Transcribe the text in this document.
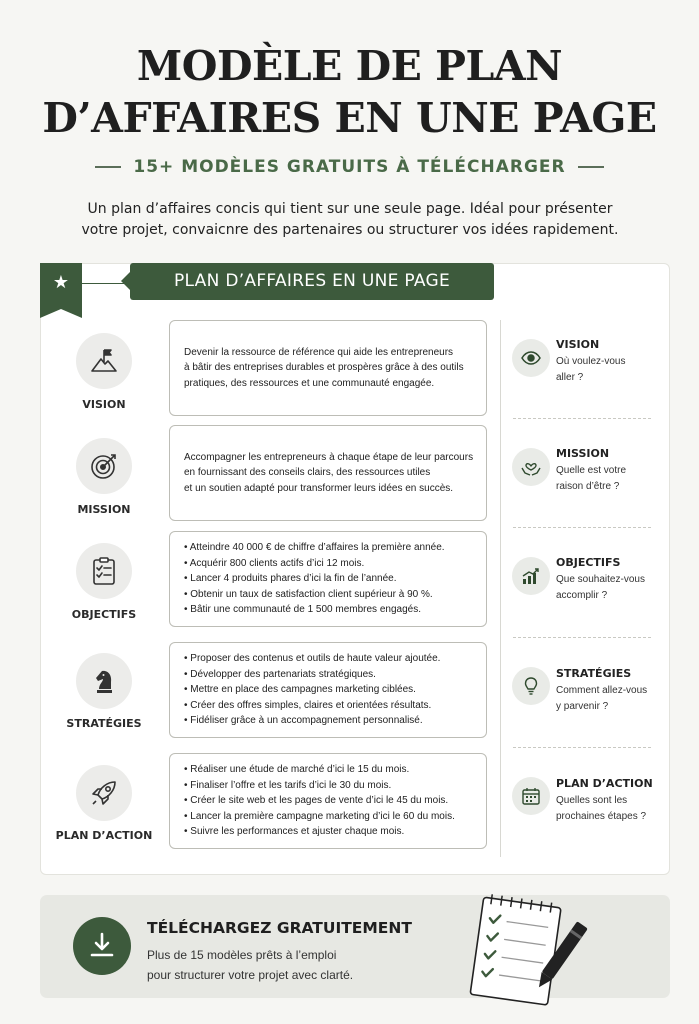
MODÈLE DE PLAN
D’AFFAIRES EN UNE PAGE
15+ MODÈLES GRATUITS À TÉLÉCHARGER
Un plan d’affaires concis qui tient sur une seule page. Idéal pour présenter
votre projet, convaicnre des partenaires ou structurer vos idées rapidement.
★	PLAN D’AFFAIRES EN UNE PAGE
VISION
MISSION
OBJECTIFS
STRATÉGIES
PLAN D’ACTION

Devenir la ressource de référence qui aide les entrepreneurs
à bâtir des entreprises durables et prospères grâce à des outils
pratiques, des ressources et une communauté engagée.

Accompagner les entrepreneurs à chaque étape de leur parcours
en fournissant des conseils clairs, des ressources utiles
et un soutien adapté pour transformer leurs idées en succès.

• Atteindre 40 000 € de chiffre d’affaires la première année.
• Acquérir 800 clients actifs d’ici 12 mois.
• Lancer 4 produits phares d’ici la fin de l’année.
• Obtenir un taux de satisfaction client supérieur à 90 %.
• Bâtir une communauté de 1 500 membres engagés.
• Proposer des contenus et outils de haute valeur ajoutée.
• Développer des partenariats stratégiques.
• Mettre en place des campagnes marketing ciblées.
• Créer des offres simples, claires et orientées résultats.
• Fidéliser grâce à un accompagnement personnalisé.
• Réaliser une étude de marché d’ici le 15 du mois.
• Finaliser l’offre et les tarifs d’ici le 30 du mois.
• Créer le site web et les pages de vente d’ici le 45 du mois.
• Lancer la première campagne marketing d’ici le 60 du mois.
• Suivre les performances et ajuster chaque mois.
VISION
Où voulez-vous
aller ?
MISSION
Quelle est votre
raison d’être ?
OBJECTIFS
Que souhaitez-vous
accomplir ?
STRATÉGIES
Comment allez-vous
y parvenir ?
PLAN D’ACTION
Quelles sont les
prochaines étapes ?
TÉLÉCHARGEZ GRATUITEMENT
Plus de 15 modèles prêts à l’emploi
pour structurer votre projet avec clarté.
